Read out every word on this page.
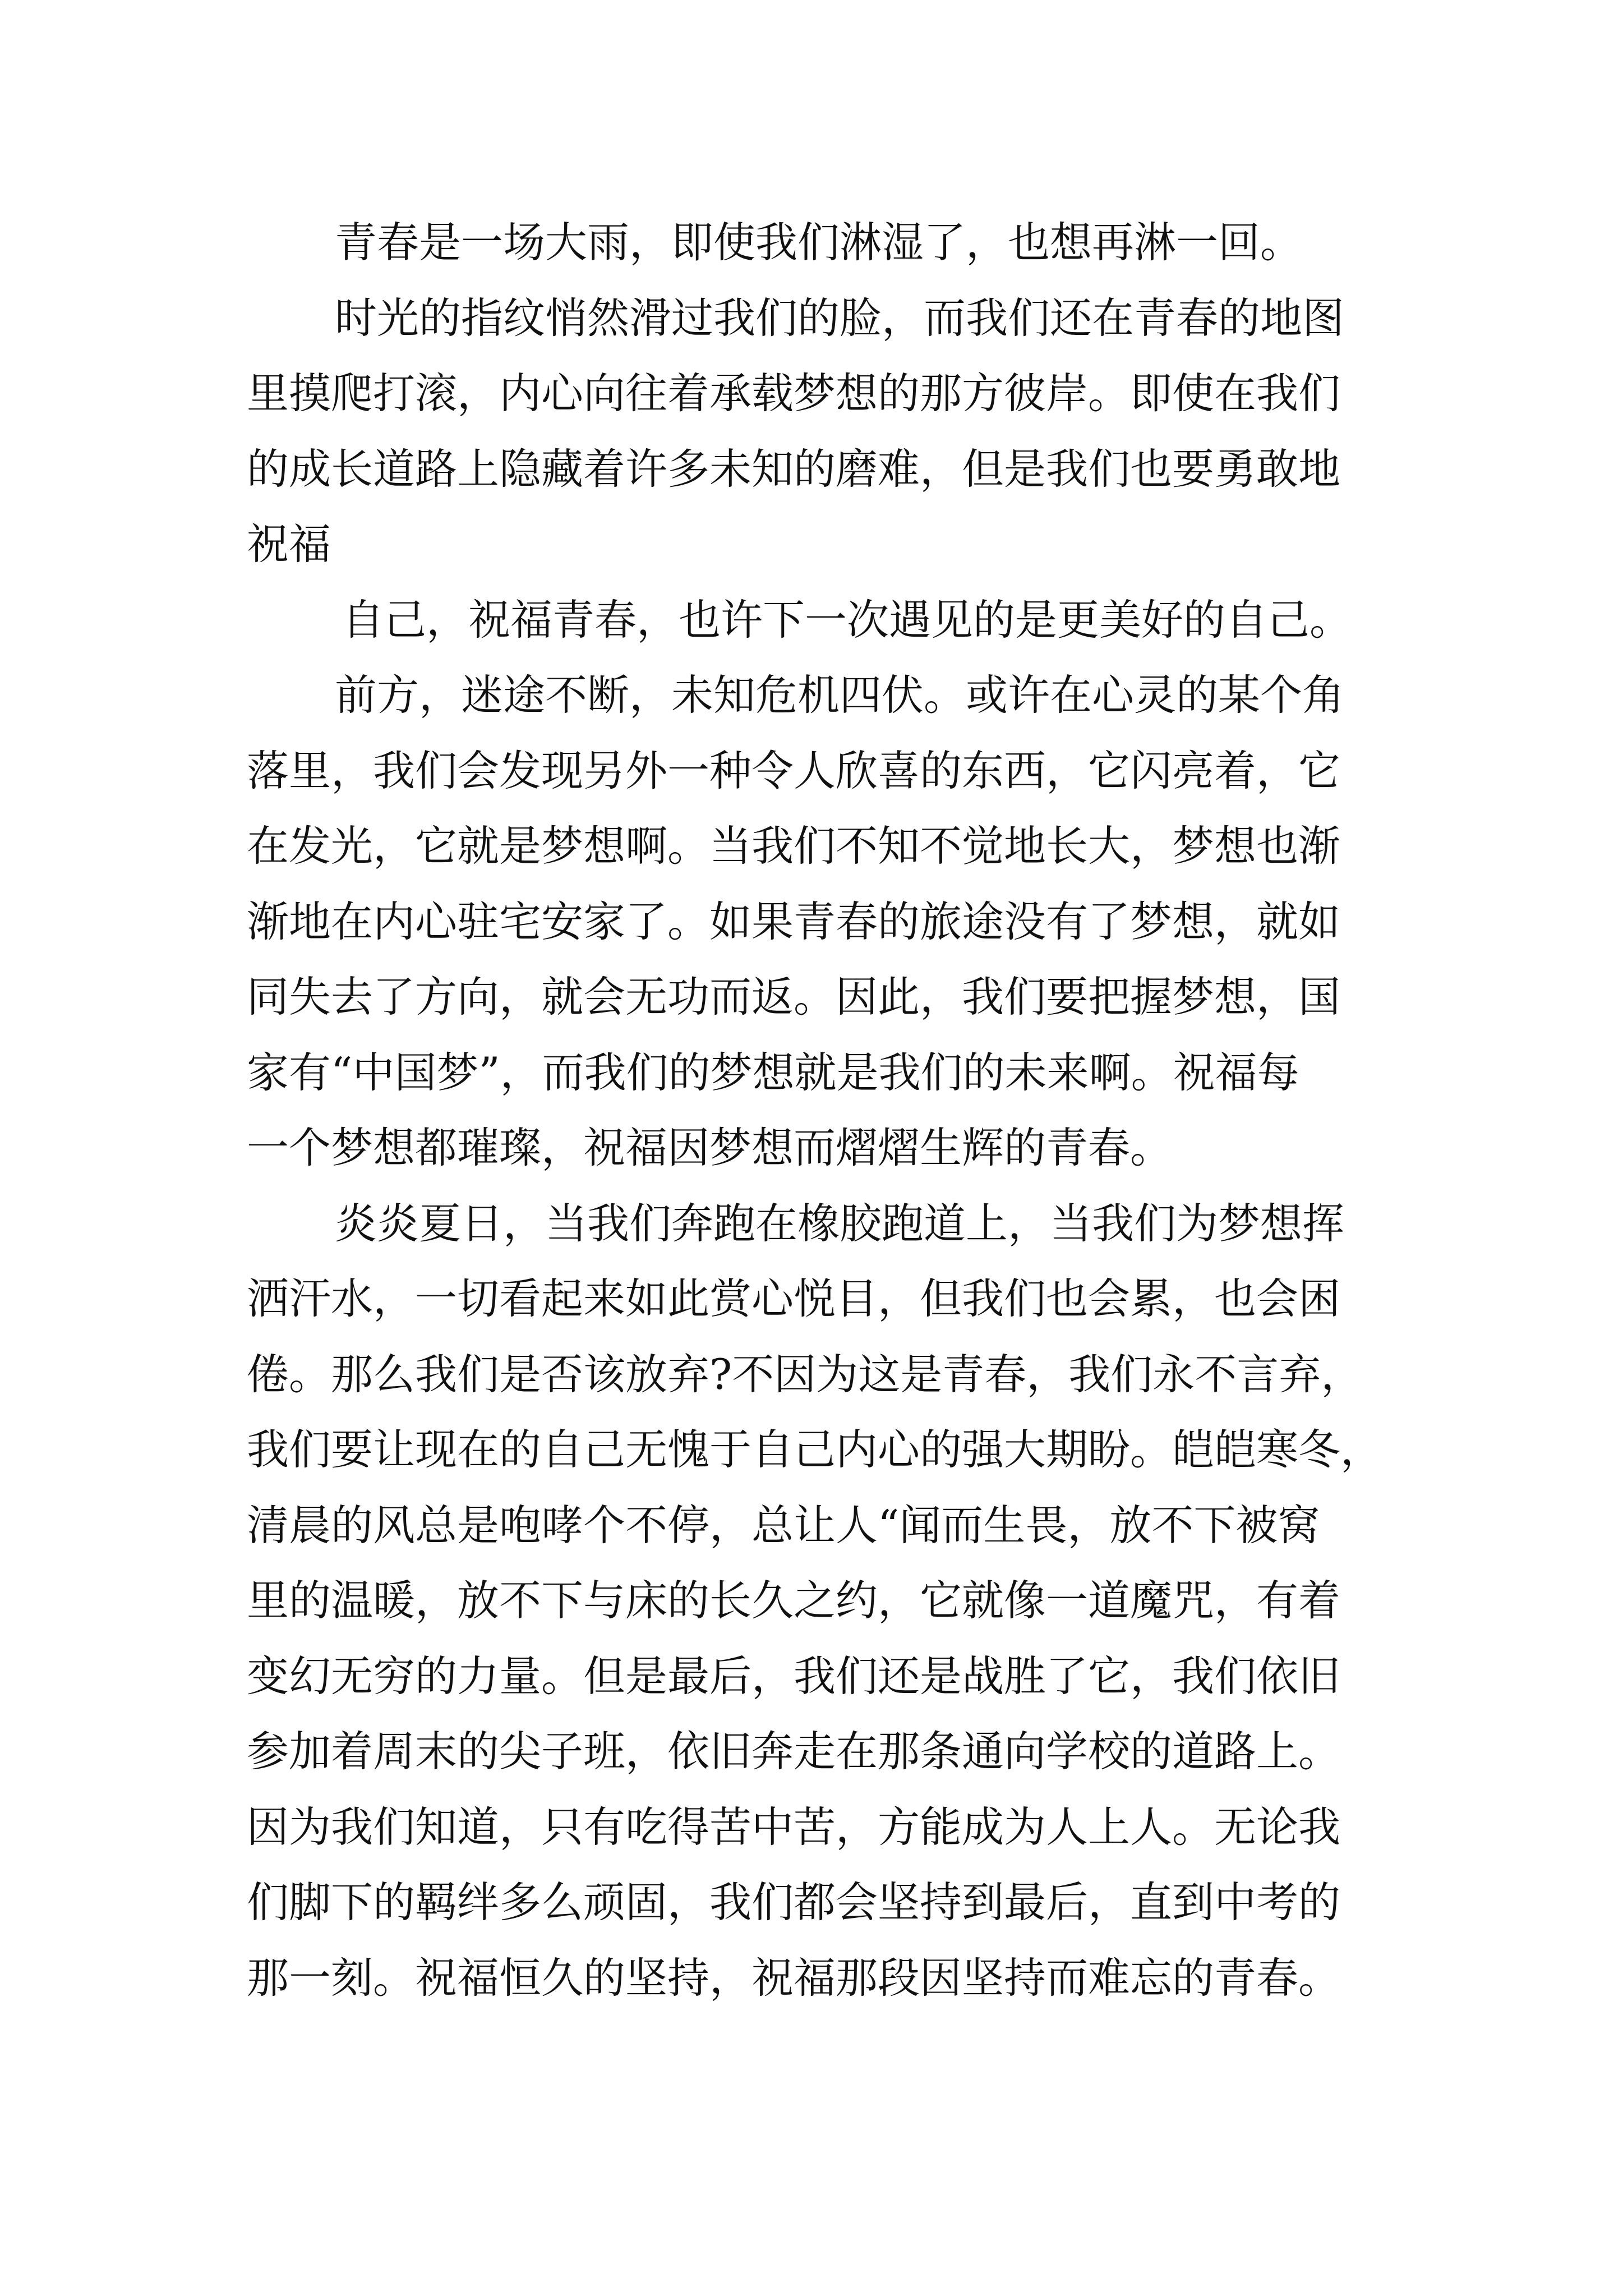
青春是一场大雨，即使我们淋湿了，也想再淋一回。
时光的指纹悄然滑过我们的脸，而我们还在青春的地图
里摸爬打滚，内心向往着承载梦想的那方彼岸。即使在我们
的成长道路上隐藏着许多未知的磨难，但是我们也要勇敢地
祝福
自己，祝福青春，也许下一次遇见的是更美好的自己。
前方，迷途不断，未知危机四伏。或许在心灵的某个角
落里，我们会发现另外一种令人欣喜的东西，它闪亮着，它
在发光，它就是梦想啊。当我们不知不觉地长大，梦想也渐
渐地在内心驻宅安家了。如果青春的旅途没有了梦想，就如
同失去了方向，就会无功而返。因此，我们要把握梦想，国
家有“中国梦”，而我们的梦想就是我们的未来啊。祝福每
一个梦想都璀璨，祝福因梦想而熠熠生辉的青春。
炎炎夏日，当我们奔跑在橡胶跑道上，当我们为梦想挥
洒汗水，一切看起来如此赏心悦目，但我们也会累，也会困
倦。那么我们是否该放弃?不因为这是青春，我们永不言弃，
我们要让现在的自己无愧于自己内心的强大期盼。皑皑寒冬，
清晨的风总是咆哮个不停，总让人“闻而生畏，放不下被窝
里的温暖，放不下与床的长久之约，它就像一道魔咒，有着
变幻无穷的力量。但是最后，我们还是战胜了它，我们依旧
参加着周末的尖子班，依旧奔走在那条通向学校的道路上。
因为我们知道，只有吃得苦中苦，方能成为人上人。无论我
们脚下的羁绊多么顽固，我们都会坚持到最后，直到中考的
那一刻。祝福恒久的坚持，祝福那段因坚持而难忘的青春。
